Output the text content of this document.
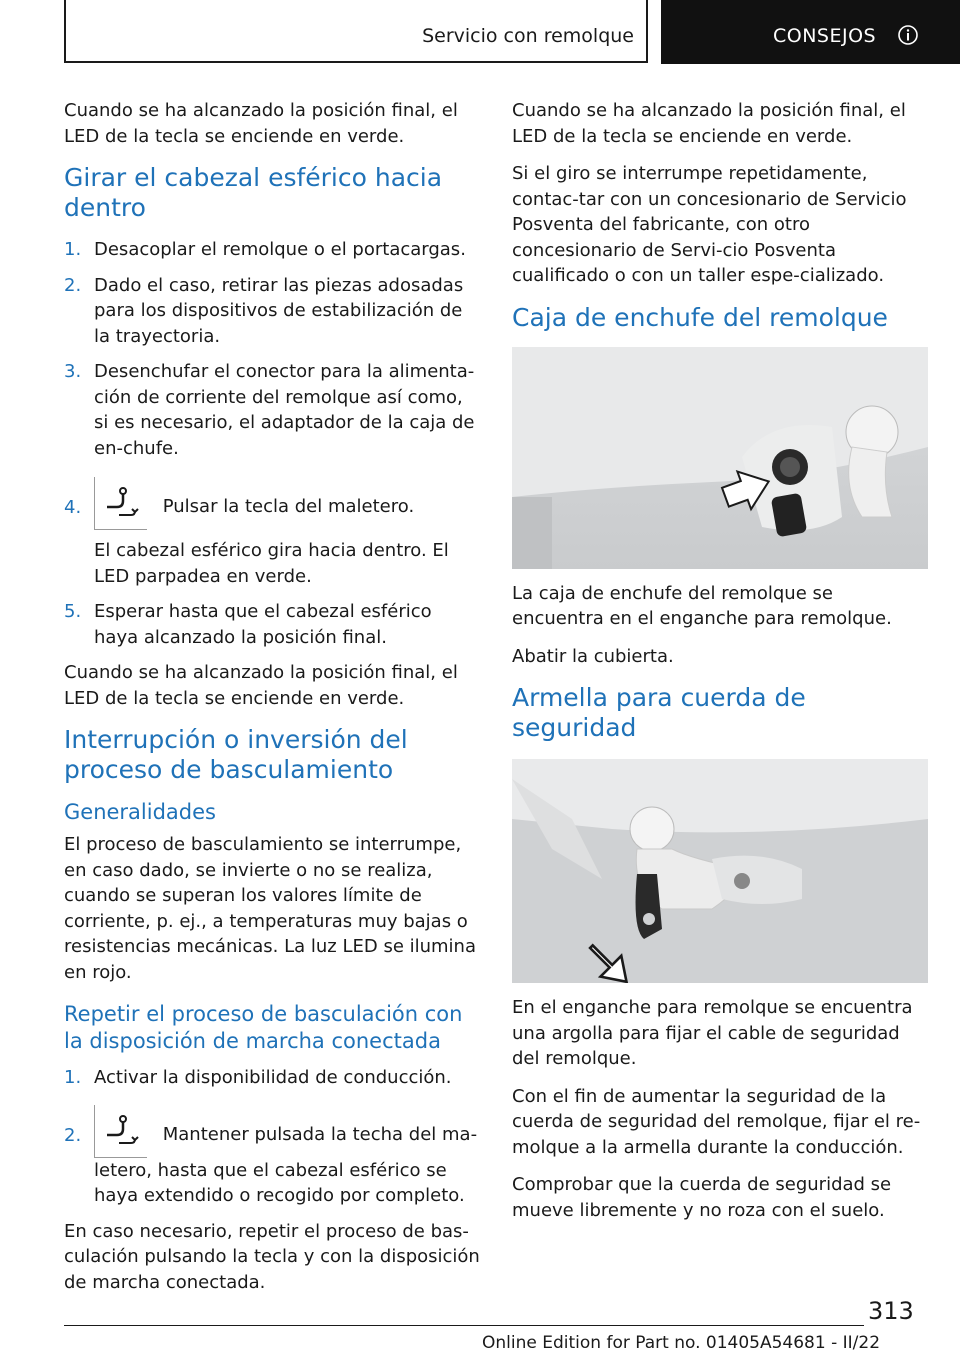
Servicio con remolque	CONSEJOS

Cuando se ha alcanzado la posición final, el LED de la tecla se enciende en verde.

Girar el cabezal esférico hacia dentro
1. Desacoplar el remolque o el portacargas.
2. Dado el caso, retirar las piezas adosadas para los dispositivos de estabilización de la trayectoria.
3. Desenchufar el conector para la alimenta-ción de corriente del remolque así como, si es necesario, el adaptador de la caja de en-chufe.
4.	Pulsar la tecla del maletero.
El cabezal esférico gira hacia dentro. El LED parpadea en verde.
5. Esperar hasta que el cabezal esférico haya alcanzado la posición final.

Cuando se ha alcanzado la posición final, el LED de la tecla se enciende en verde.

Interrupción o inversión del proceso de basculamiento
Generalidades

El proceso de basculamiento se interrumpe, en caso dado, se invierte o no se realiza, cuando se superan los valores límite de corriente, p. ej., a temperaturas muy bajas o resistencias mecánicas. La luz LED se ilumina en rojo.

Repetir el proceso de basculación con la disposición de marcha conectada
1. Activar la disponibilidad de conducción.
2.	Mantener pulsada la techa del ma-letero, hasta que el cabezal esférico se haya extendido o recogido por completo.

En caso necesario, repetir el proceso de bas-culación pulsando la tecla y con la disposición de marcha conectada.

Cuando se ha alcanzado la posición final, el LED de la tecla se enciende en verde.

Si el giro se interrumpe repetidamente, contac-tar con un concesionario de Servicio Posventa del fabricante, con otro concesionario de Servi-cio Posventa cualificado o con un taller espe-cializado.

Caja de enchufe del remolque

La caja de enchufe del remolque se encuentra en el enganche para remolque.

Abatir la cubierta.

Armella para cuerda de seguridad

En el enganche para remolque se encuentra una argolla para fijar el cable de seguridad del remolque.

Con el fin de aumentar la seguridad de la cuerda de seguridad del remolque, fijar el re-molque a la armella durante la conducción.

Comprobar que la cuerda de seguridad se mueve libremente y no roza con el suelo.

313
Online Edition for Part no. 01405A54681 - II/22
